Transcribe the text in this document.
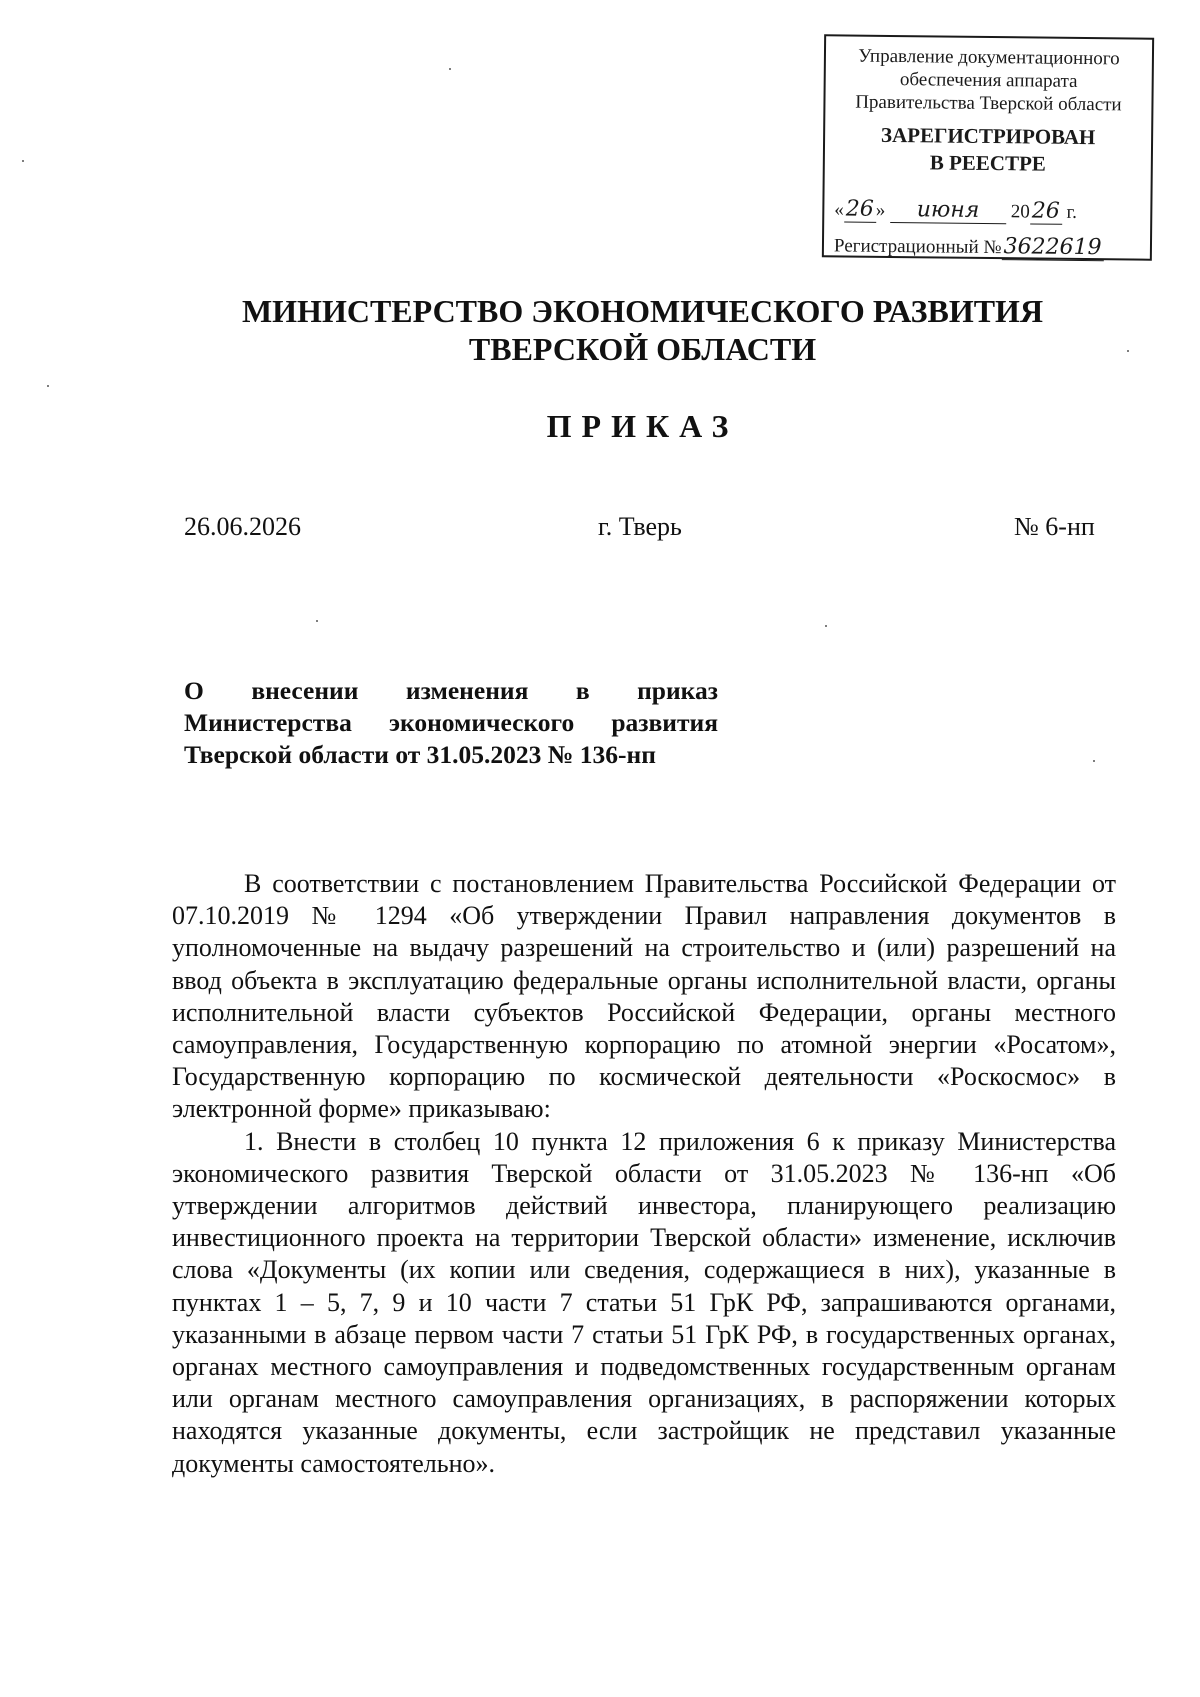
Управление документационного
обеспечения аппарата
Правительства Тверской области
ЗАРЕГИСТРИРОВАН
В РЕЕСТРЕ
«26» июня 2026 г.
Регистрационный №3622619
МИНИСТЕРСТВО ЭКОНОМИЧЕСКОГО РАЗВИТИЯ
ТВЕРСКОЙ ОБЛАСТИ
ПРИКАЗ
26.06.2026	г. Тверь	№ 6-нп
О внесении изменения в приказ
Министерства экономического развития
Тверской области от 31.05.2023 № 136-нп

В соответствии с постановлением Правительства Российской Федерации от 07.10.2019 № 1294 «Об утверждении Правил направления документов в уполномоченные на выдачу разрешений на строительство и (или) разрешений на ввод объекта в эксплуатацию федеральные органы исполнительной власти, органы исполнительной власти субъектов Российской Федерации, органы местного самоуправления, Государственную корпорацию по атомной энергии «Росатом», Государственную корпорацию по космической деятельности «Роскосмос» в электронной форме» приказываю:

1. Внести в столбец 10 пункта 12 приложения 6 к приказу Министерства экономического развития Тверской области от 31.05.2023 № 136-нп «Об утверждении алгоритмов действий инвестора, планирующего реализацию инвестиционного проекта на территории Тверской области» изменение, исключив слова «Документы (их копии или сведения, содержащиеся в них), указанные в пунктах 1 – 5, 7, 9 и 10 части 7 статьи 51 ГрК РФ, запрашиваются органами, указанными в абзаце первом части 7 статьи 51 ГрК РФ, в государственных органах, органах местного самоуправления и подведомственных государственным органам или органам местного самоуправления организациях, в распоряжении которых находятся указанные документы, если застройщик не представил указанные документы самостоятельно».
